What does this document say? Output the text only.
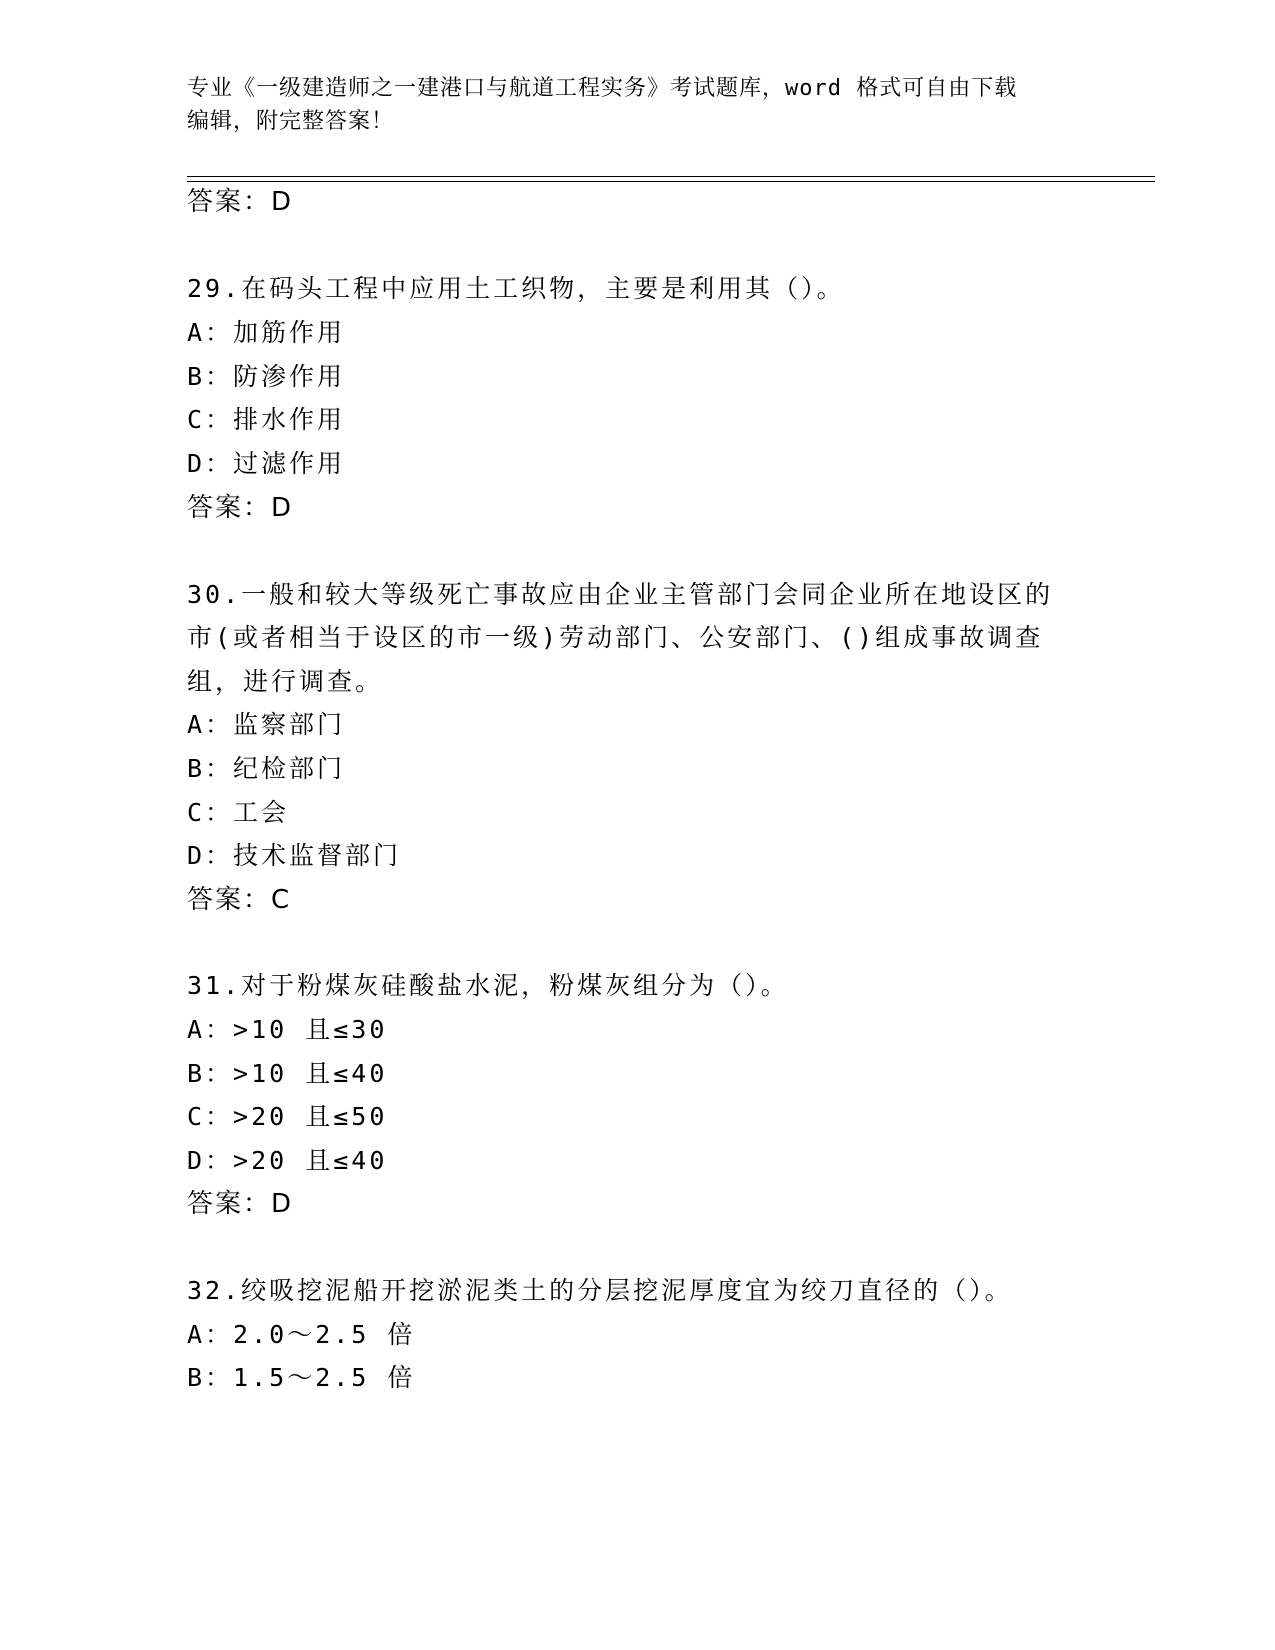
专业《一级建造师之一建港口与航道工程实务》考试题库，word 格式可自由下载
编辑，附完整答案！
答案：D
29.在码头工程中应用土工织物，主要是利用其（）。
A：加筋作用
B：防渗作用
C：排水作用
D：过滤作用
答案：D
30.一般和较大等级死亡事故应由企业主管部门会同企业所在地设区的
市(或者相当于设区的市一级)劳动部门、公安部门、()组成事故调查
组，进行调查。
A：监察部门
B：纪检部门
C：工会
D：技术监督部门
答案：C
31.对于粉煤灰硅酸盐水泥，粉煤灰组分为（）。
A：>10 且≤30
B：>10 且≤40
C：>20 且≤50
D：>20 且≤40
答案：D
32.绞吸挖泥船开挖淤泥类土的分层挖泥厚度宜为绞刀直径的（）。
A：2.0～2.5 倍
B：1.5～2.5 倍
